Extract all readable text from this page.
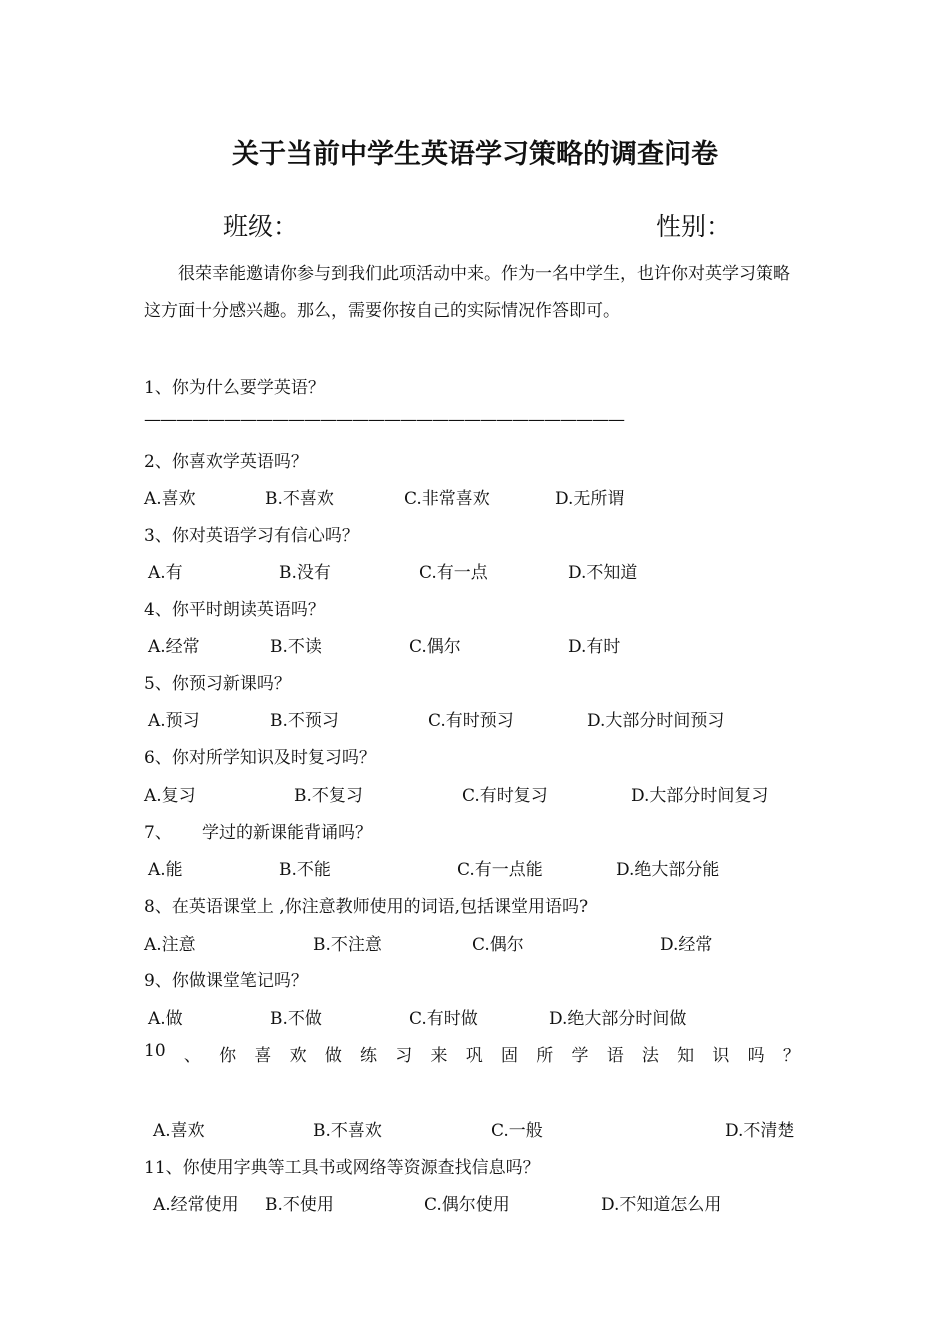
关于当前中学生英语学习策略的调查问卷
班级：	性别：
很荣幸能邀请你参与到我们此项活动中来。作为一名中学生，也许你对英学习策略这方面十分感兴趣。那么，需要你按自己的实际情况作答即可。
1、你为什么要学英语？
——————————————————————————————
2、你喜欢学英语吗？
A.喜欢	B.不喜欢	C.非常喜欢	D.无所谓
3、你对英语学习有信心吗？
A.有	B.没有	C.有一点	D.不知道
4、你平时朗读英语吗？
A.经常	B.不读	C.偶尔	D.有时
5、你预习新课吗？
A.预习	B.不预习	C.有时预习	D.大部分时间预习
6、你对所学知识及时复习吗？
A.复习	B.不复习	C.有时复习	D.大部分时间复习
7、 学过的新课能背诵吗？
A.能	B.不能	C.有一点能	D.绝大部分能
8、在英语课堂上 ,你注意教师使用的词语,包括课堂用语吗?
A.注意	B.不注意	C.偶尔	D.经常
9、你做课堂笔记吗？
A.做	B.不做	C.有时做	D.绝大部分时间做
10 、 你 喜 欢 做 练 习 来 巩 固 所 学 语 法 知 识 吗 ？
A.喜欢	B.不喜欢	C.一般	D.不清楚
11、你使用字典等工具书或网络等资源查找信息吗？
A.经常使用 B.不使用	C.偶尔使用	D.不知道怎么用
